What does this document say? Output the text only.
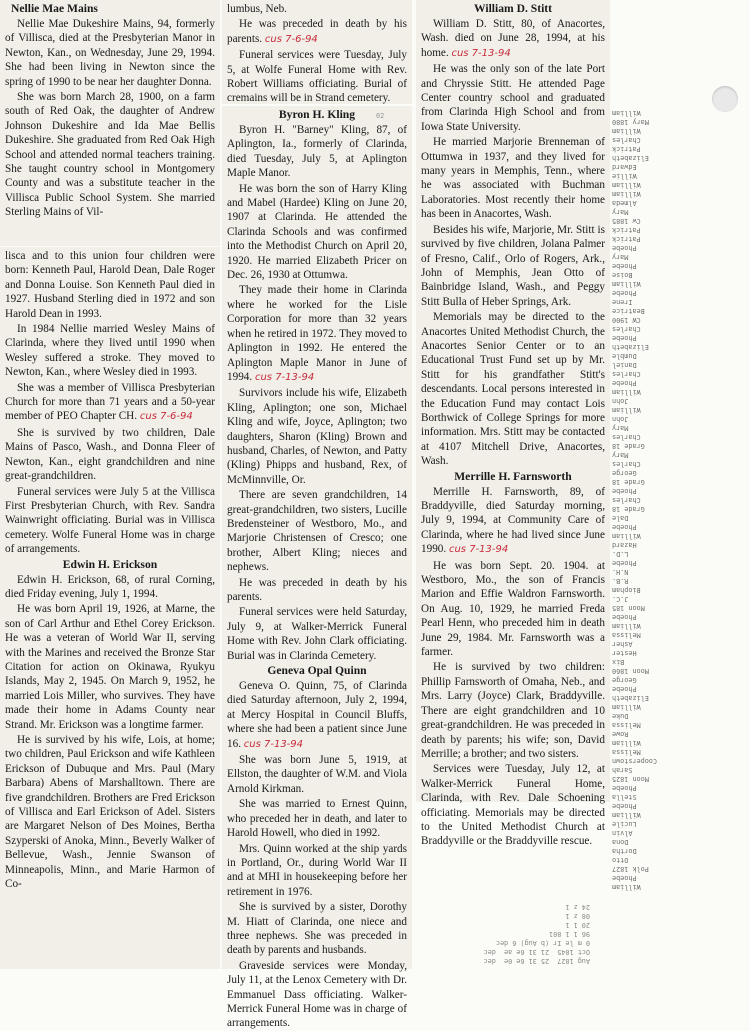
Nellie Mae Mains

Nellie Mae Dukeshire Mains, 94, formerly of Villisca, died at the Presbyterian Manor in Newton, Kan., on Wednesday, June 29, 1994. She had been living in Newton since the spring of 1990 to be near her daughter Donna.

She was born March 28, 1900, on a farm south of Red Oak, the daughter of Andrew Johnson Dukeshire and Ida Mae Bellis Dukeshire. She graduated from Red Oak High School and attended normal teachers training. She taught country school in Montgomery County and was a substitute teacher in the Villisca Public School System. She married Sterling Mains of Vil-

lisca and to this union four children were born: Kenneth Paul, Harold Dean, Dale Roger and Donna Louise. Son Kenneth Paul died in 1927. Husband Sterling died in 1972 and son Harold Dean in 1993.

In 1984 Nellie married Wesley Mains of Clarinda, where they lived until 1990 when Wesley suffered a stroke. They moved to Newton, Kan., where Wesley died in 1993.

She was a member of Villisca Presbyterian Church for more than 71 years and a 50-year member of PEO Chapter CH. cus 7-6-94

She is survived by two children, Dale Mains of Pasco, Wash., and Donna Fleer of Newton, Kan., eight grandchildren and nine great-grandchildren.

Funeral services were July 5 at the Villisca First Presbyterian Church, with Rev. Sandra Wainwright officiating. Burial was in Villisca cemetery. Wolfe Funeral Home was in charge of arrangements.

Edwin H. Erickson

Edwin H. Erickson, 68, of rural Corning, died Friday evening, July 1, 1994.

He was born April 19, 1926, at Marne, the son of Carl Arthur and Ethel Corey Erickson. He was a veteran of World War II, serving with the Marines and received the Bronze Star Citation for action on Okinawa, Ryukyu Islands, May 2, 1945. On March 9, 1952, he married Lois Miller, who survives. They have made their home in Adams County near Strand. Mr. Erickson was a longtime farmer.

He is survived by his wife, Lois, at home; two children, Paul Erickson and wife Kathleen Erickson of Dubuque and Mrs. Paul (Mary Barbara) Abens of Marshalltown. There are five grandchildren. Brothers are Fred Erickson of Villisca and Earl Erickson of Adel. Sisters are Margaret Nelson of Des Moines, Bertha Szyperski of Anoka, Minn., Beverly Walker of Bellevue, Wash., Jennie Swanson of Minneapolis, Minn., and Marie Harmon of Co-

lumbus, Neb.

He was preceded in death by his parents. cus 7-6-94

Funeral services were Tuesday, July 5, at Wolfe Funeral Home with Rev. Robert Williams officiating. Burial of cremains will be in Strand cemetery.

Byron H. Kling

Byron H. "Barney" Kling, 87, of Aplington, Ia., formerly of Clarinda, died Tuesday, July 5, at Aplington Maple Manor.

He was born the son of Harry Kling and Mabel (Hardee) Kling on June 20, 1907 at Clarinda. He attended the Clarinda Schools and was confirmed into the Methodist Church on April 20, 1920. He married Elizabeth Pricer on Dec. 26, 1930 at Ottumwa.

They made their home in Clarinda where he worked for the Lisle Corporation for more than 32 years when he retired in 1972. They moved to Aplington in 1992. He entered the Aplington Maple Manor in June of 1994. cus 7-13-94

Survivors include his wife, Elizabeth Kling, Aplington; one son, Michael Kling and wife, Joyce, Aplington; two daughters, Sharon (Kling) Brown and husband, Charles, of Newton, and Patty (Kling) Phipps and husband, Rex, of McMinnville, Or.

There are seven grandchildren, 14 great-grandchildren, two sisters, Lucille Bredensteiner of Westboro, Mo., and Marjorie Christensen of Cresco; one brother, Albert Kling; nieces and nephews.

He was preceded in death by his parents.

Funeral services were held Saturday, July 9, at Walker-Merrick Funeral Home with Rev. John Clark officiating. Burial was in Clarinda Cemetery.

Geneva Opal Quinn

Geneva O. Quinn, 75, of Clarinda died Saturday afternoon, July 2, 1994, at Mercy Hospital in Council Bluffs, where she had been a patient since June 16. cus 7-13-94

She was born June 5, 1919, at Ellston, the daughter of W.M. and Viola Arnold Kirkman.

She was married to Ernest Quinn, who preceded her in death, and later to Harold Howell, who died in 1992.

Mrs. Quinn worked at the ship yards in Portland, Or., during World War II and at MHI in housekeeping before her retirement in 1976.

She is survived by a sister, Dorothy M. Hiatt of Clarinda, one niece and three nephews. She was preceded in death by parents and husbands.

Graveside services were Monday, July 11, at the Lenox Cemetery with Dr. Emmanuel Dass officiating. Walker-Merrick Funeral Home was in charge of arrangements.

02
William D. Stitt

William D. Stitt, 80, of Anacortes, Wash. died on June 28, 1994, at his home. cus 7-13-94

He was the only son of the late Port and Chryssie Stitt. He attended Page Center country school and graduated from Clarinda High School and from Iowa State University.

He married Marjorie Brenneman of Ottumwa in 1937, and they lived for many years in Memphis, Tenn., where he was associated with Buchman Laboratories. Most recently their home has been in Anacortes, Wash.

Besides his wife, Marjorie, Mr. Stitt is survived by five children, Jolana Palmer of Fresno, Calif., Orlo of Rogers, Ark., John of Memphis, Jean Otto of Bainbridge Island, Wash., and Peggy Stitt Bulla of Heber Springs, Ark.

Memorials may be directed to the Anacortes United Methodist Church, the Anacortes Senior Center or to an Educational Trust Fund set up by Mr. Stitt for his grandfather Stitt's descendants. Local persons interested in the Education Fund may contact Lois Borthwick of College Springs for more information. Mrs. Stitt may be contacted at 4107 Mitchell Drive, Anacortes, Wash.

Merrille H. Farnsworth

Merrille H. Farnsworth, 89, of Braddyville, died Saturday morning, July 9, 1994, at Community Care of Clarinda, where he had lived since June 1990. cus 7-13-94

He was born Sept. 20. 1904. at Westboro, Mo., the son of Francis Marion and Effie Waldron Farnsworth. On Aug. 10, 1929, he married Freda Pearl Henn, who preceded him in death June 29, 1984. Mr. Farnsworth was a farmer.

He is survived by two children: Phillip Farnsworth of Omaha, Neb., and Mrs. Larry (Joyce) Clark, Braddyville. There are eight grandchildren and 10 great-grandchildren. He was preceded in death by parents; his wife; son, David Merrille; a brother; and two sisters.

Services were Tuesday, July 12, at Walker-Merrick Funeral Home, Clarinda, with Rev. Dale Schoening officiating. Memorials may be directed to the United Methodist Church at Braddyville or the Braddyville rescue.

William
Phoebe
Polk 1827
Otto
Dortha
Dona
Alvin
Lucile
William
Phoebe
Stella
Phoebe
Moon 1825
Sarah
Cooperstown
Melissa
William
Rowe
Melissa
Duke
William
Elizabeth
Phoebe
George
Moon 1860
Bix
Hester
Asher
Melissa
William
Phoebe
Moon 185
J.C.
Biopham
R.B.
N.H.
Phoebe
L.D.
Hazard
William
Phoebe
Dale
Grade 18
Charles
Phoebe
Grade 18
George
Charles
Mary
Grade 18
Charles
Mary
John
William
John
William
Phoebe
Charles
Daniel
Dumble
Elizabeth
Phoebe
Charles
CW 1900
Beatrice
Irene
Phoebe
William
Boise
Phoebe
Mary
Phoebe
Patrick
Patrick
Cw 1885
Mary
Almeda
William
William
Willie
Edward
Elizabeth
Patrick
Charles
William
Mary 1880
William
Aug 1827  25 31 6e 0e  dec
Oct 1845  21 31 6e ae  dec
0 m le Ir (b Aug) 6 dec
96 1 1 801
20 1 1
08 z 1
24 z 1
